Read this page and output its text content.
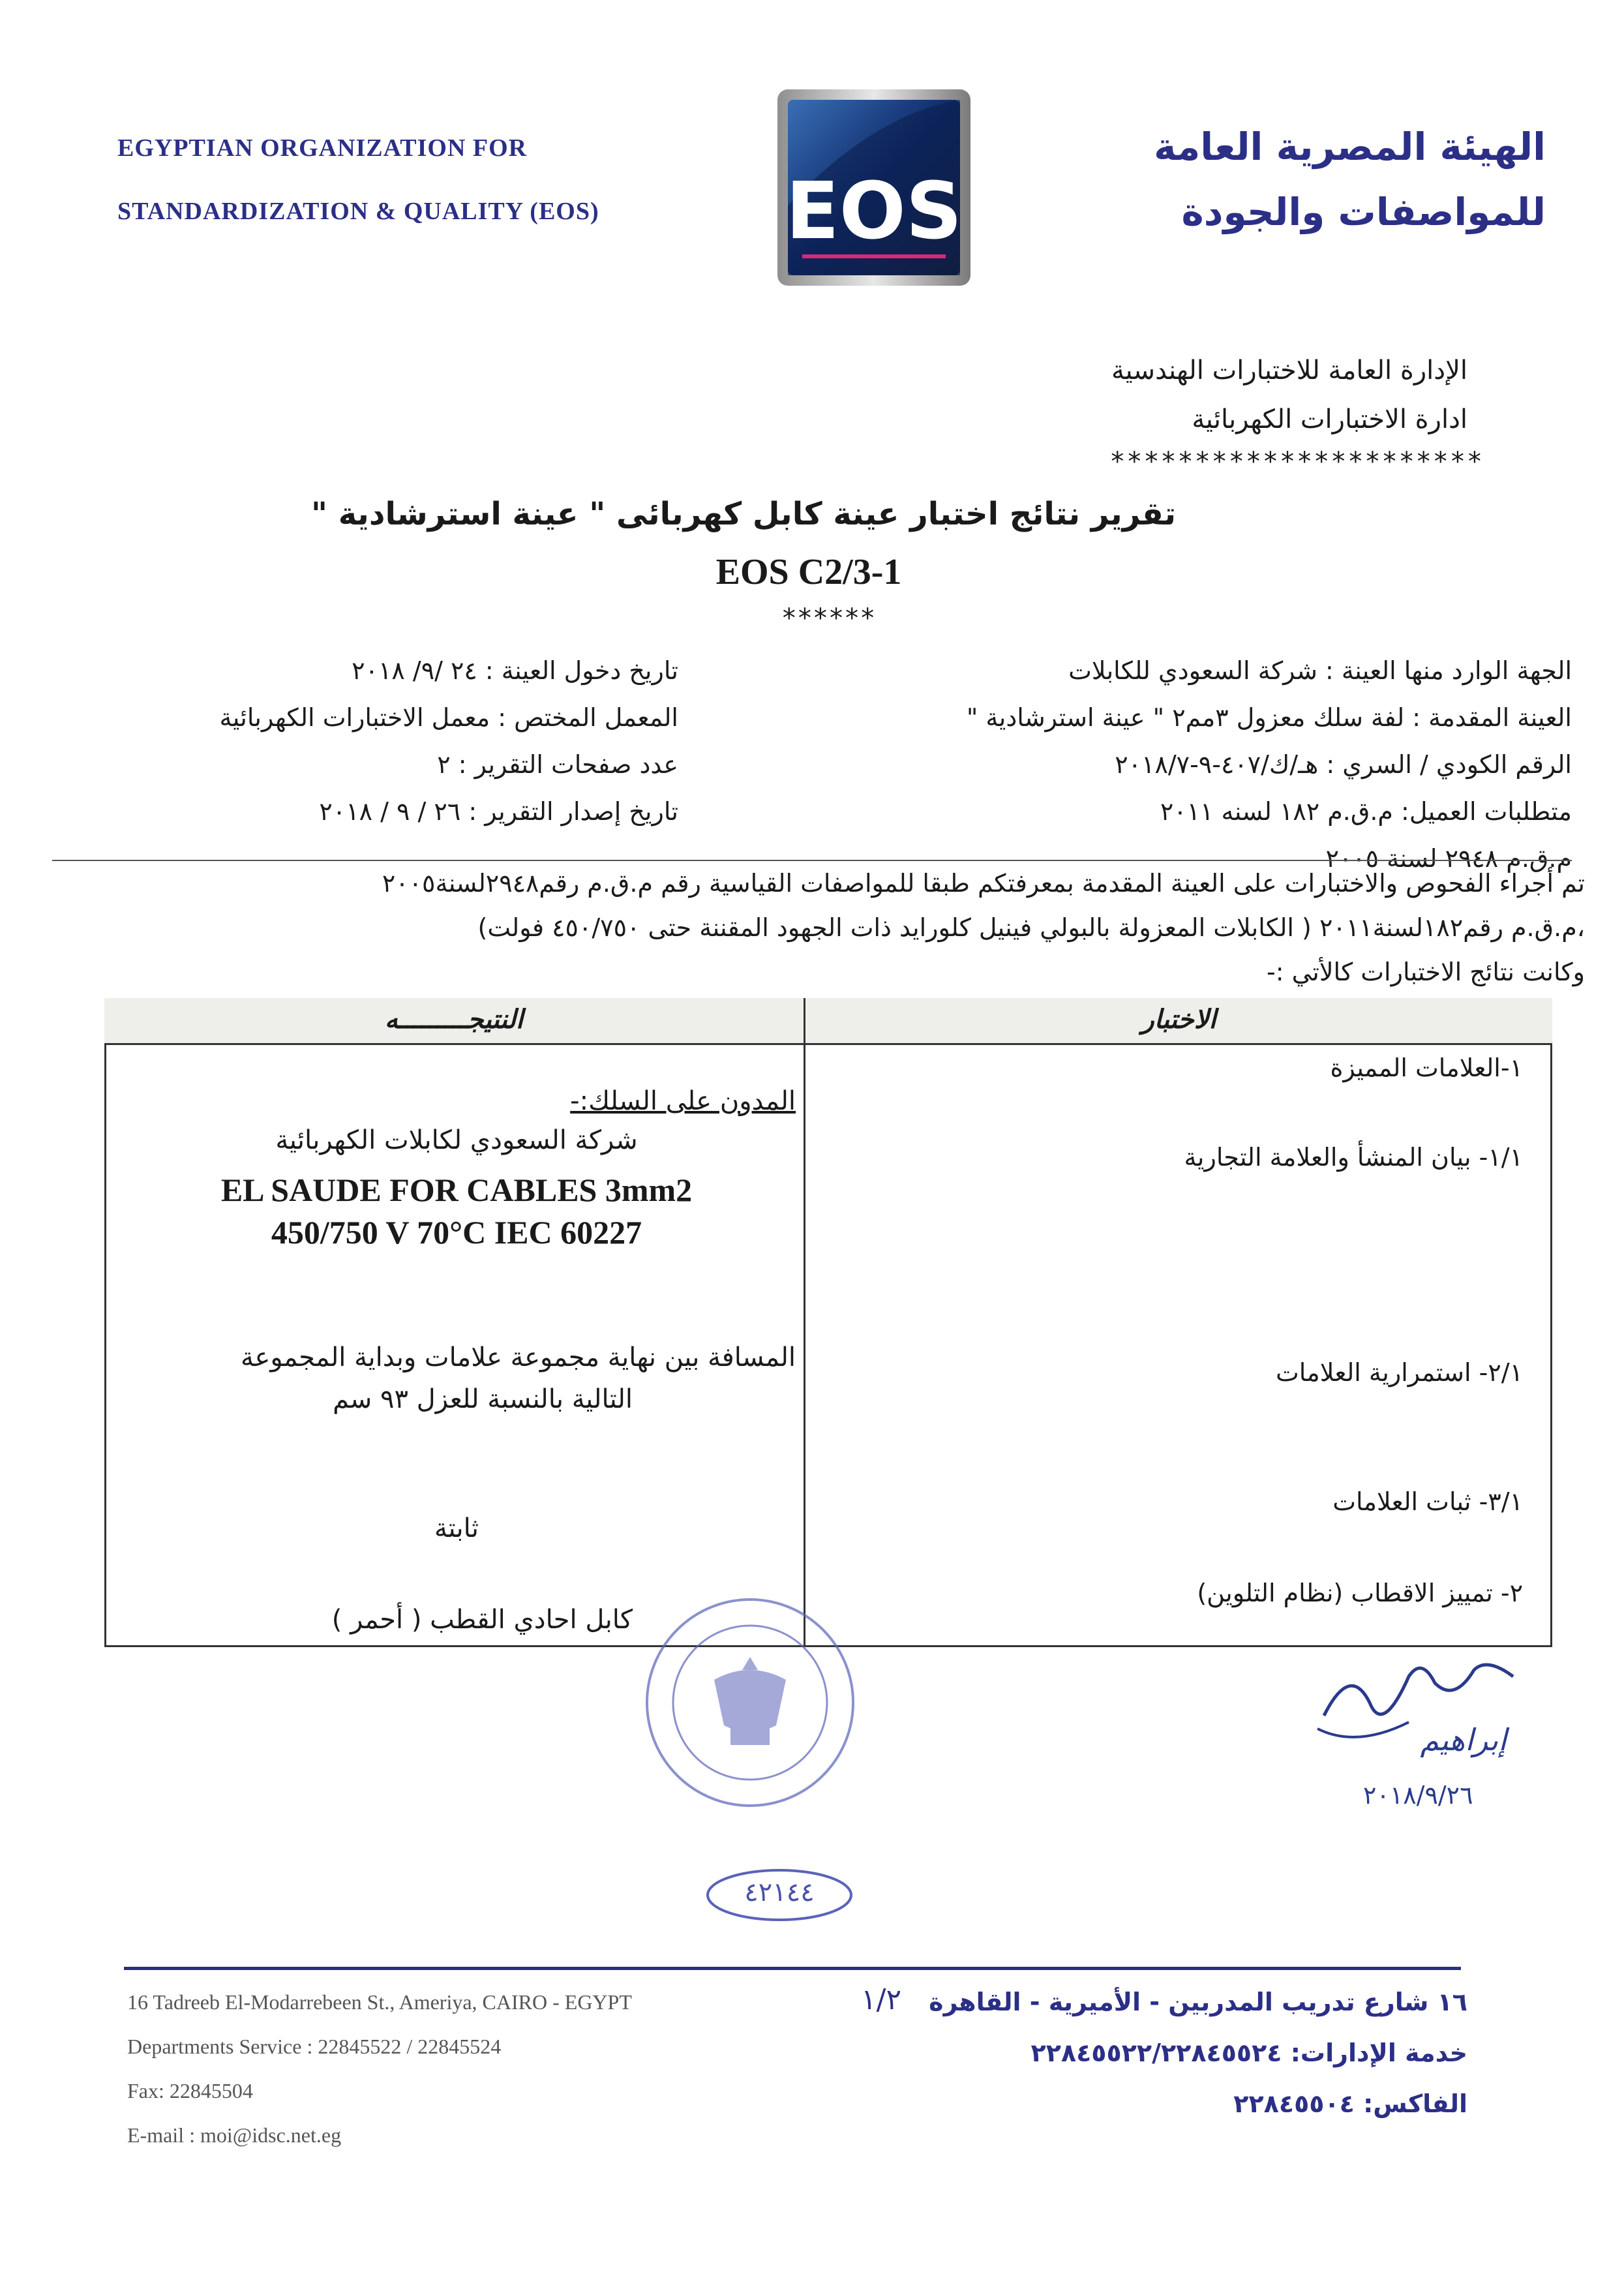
EGYPTIAN ORGANIZATION FOR
STANDARDIZATION & QUALITY (EOS)	EOS
الهيئة المصرية العامة
للمواصفات والجودة
الإدارة العامة للاختبارات الهندسية
ادارة الاختبارات الكهربائية
**********************
تقرير نتائج اختبار عينة كابل كهربائى " عينة استرشادية "
EOS C2/3-1
******
الجهة الوارد منها العينة : شركة السعودي للكابلات
العينة المقدمة : لفة سلك معزول ٣مم٢ " عينة استرشادية "
الرقم الكودي / السري : هـ/ك/٤٠٧-٩-٢٠١٨/٧
متطلبات العميل: م.ق.م ١٨٢ لسنه ٢٠١١
م.ق.م ٢٩٤٨ لسنة ٢٠٠٥
تاريخ دخول العينة : ٢٤ /٩/ ٢٠١٨
المعمل المختص : معمل الاختبارات الكهربائية
عدد صفحات التقرير : ٢
تاريخ إصدار التقرير : ٢٦ / ٩ / ٢٠١٨
تم أجراء الفحوص والاختبارات على العينة المقدمة بمعرفتكم طبقا للمواصفات القياسية رقم م.ق.م رقم٢٩٤٨لسنة٢٠٠٥
،م.ق.م رقم١٨٢لسنة٢٠١١ ( الكابلات المعزولة بالبولي فينيل كلورايد ذات الجهود المقننة حتى ٤٥٠/٧٥٠ فولت)
وكانت نتائج الاختبارات كالأتي :-
الاختبار
النتيجـــــــــه
١-العلامات المميزة
١/١- بيان المنشأ والعلامة التجارية
٢/١- استمرارية العلامات
٣/١- ثبات العلامات
٢- تمييز الاقطاب (نظام التلوين)
المدون على السلك:-
شركة السعودي لكابلات الكهربائية
EL SAUDE FOR CABLES 3mm2
450/750 V 70°C IEC 60227
المسافة بين نهاية مجموعة علامات وبداية المجموعة
التالية بالنسبة للعزل ٩٣ سم
ثابتة
كابل احادي القطب ( أحمر )
٤٢١٤٤
إبراهيم
٢٠١٨/٩/٢٦
١/٢
16 Tadreeb El-Modarrebeen St., Ameriya, CAIRO - EGYPT
Departments Service : 22845522 / 22845524
Fax: 22845504
E-mail : moi@idsc.net.eg
١٦ شارع تدريب المدربين - الأميرية - القاهرة
خدمة الإدارات: ٢٢٨٤٥٥٢٢/٢٢٨٤٥٥٢٤
الفاكس: ٢٢٨٤٥٥٠٤
